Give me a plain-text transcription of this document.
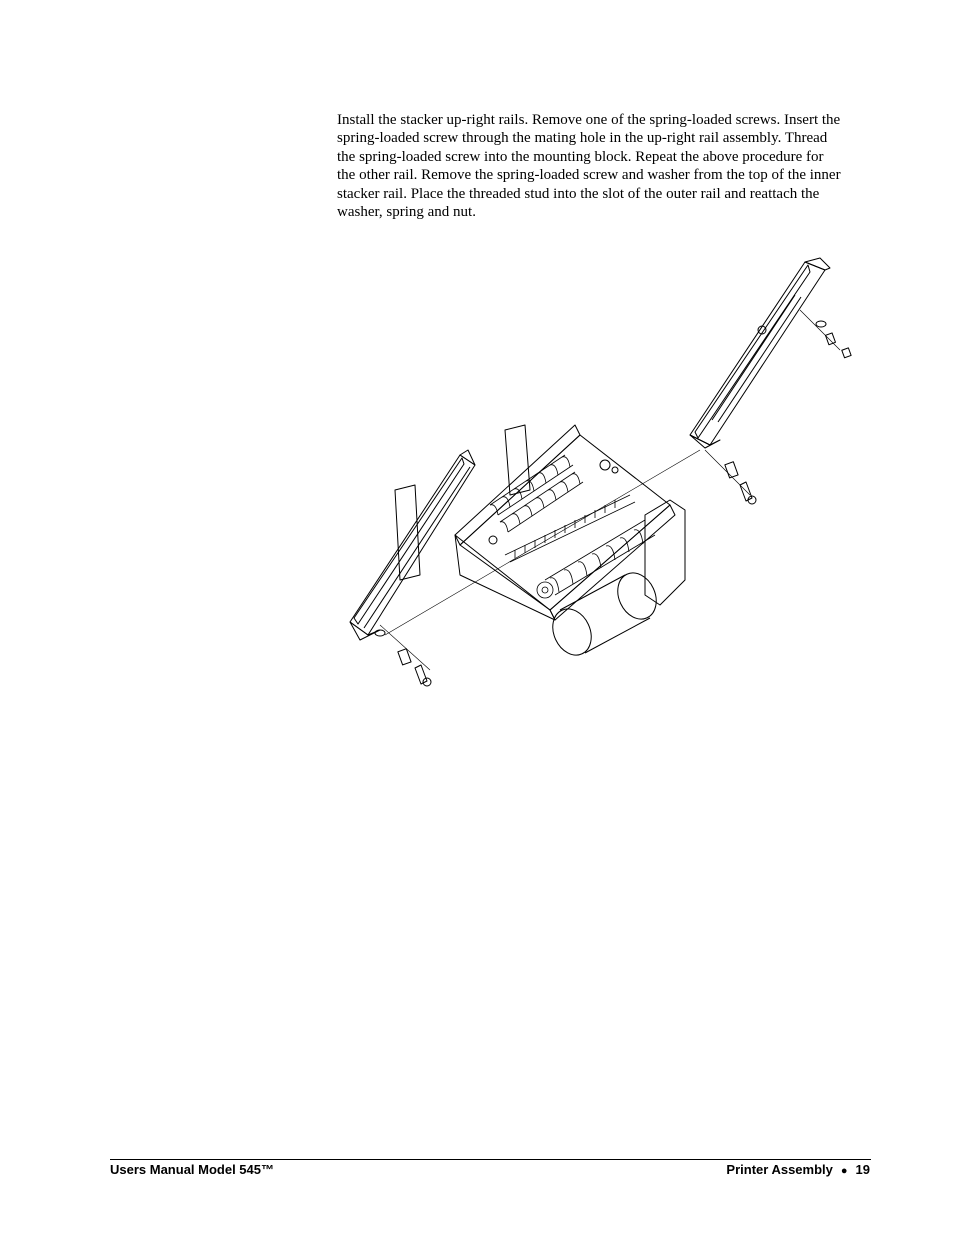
Install the stacker up-right rails. Remove one of the spring-loaded screws. Insert the
spring-loaded screw through the mating hole in the up-right rail assembly. Thread
the spring-loaded screw into the mounting block. Repeat the above procedure for
the other rail. Remove the spring-loaded screw and washer from the top of the inner
stacker rail. Place the threaded stud into the slot of the outer rail and reattach the
washer, spring and nut.

Users Manual Model 545™	Printer Assembly ● 19
